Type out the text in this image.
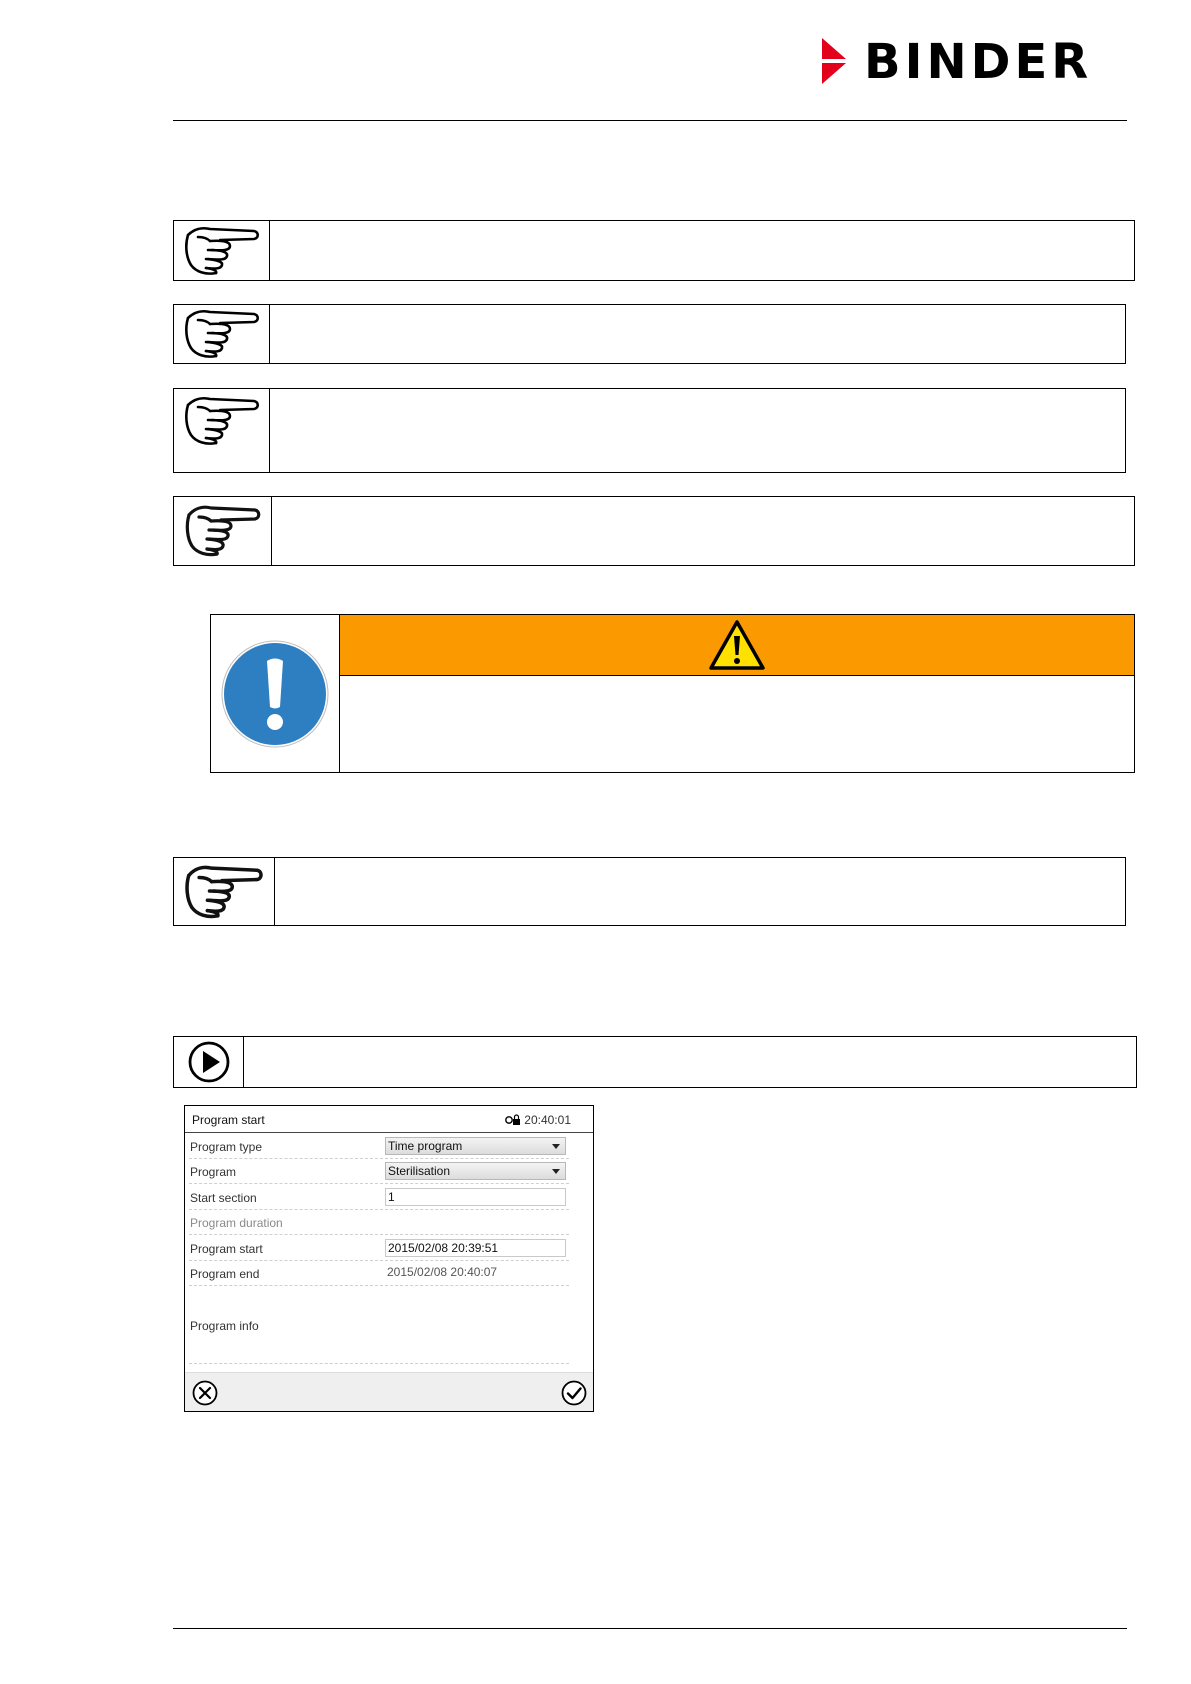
BINDER
Program start	20:40:01
Program type	Time program
Program	Sterilisation
Start section	1
Program duration
Program start	2015/02/08 20:39:51
Program end	2015/02/08 20:40:07
Program info
